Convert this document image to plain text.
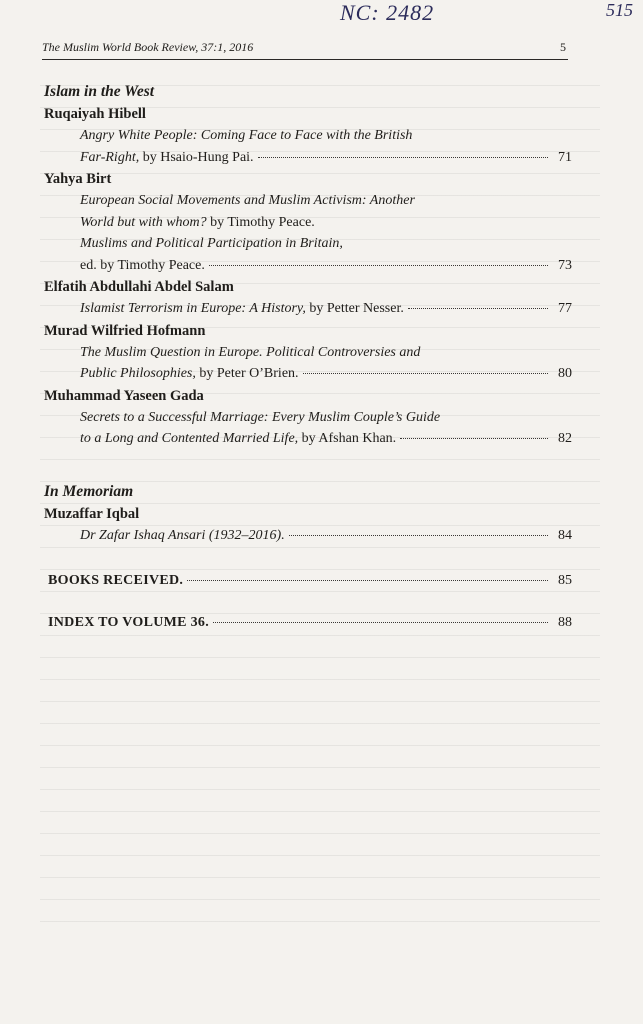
NC: 2482	515
The Muslim World Book Review, 37:1, 2016	5
Islam in the West
Ruqaiyah Hibell
Angry White People: Coming Face to Face with the British
Far-Right, by Hsaio-Hung Pai.	71
Yahya Birt
European Social Movements and Muslim Activism: Another
World but with whom? by Timothy Peace.
Muslims and Political Participation in Britain,
ed. by Timothy Peace.	73
Elfatih Abdullahi Abdel Salam
Islamist Terrorism in Europe: A History, by Petter Nesser.	77
Murad Wilfried Hofmann
The Muslim Question in Europe. Political Controversies and
Public Philosophies, by Peter O’Brien.	80
Muhammad Yaseen Gada
Secrets to a Successful Marriage: Every Muslim Couple’s Guide
to a Long and Contented Married Life, by Afshan Khan.	82
In Memoriam
Muzaffar Iqbal
Dr Zafar Ishaq Ansari (1932–2016).	84
BOOKS RECEIVED.	85
INDEX TO VOLUME 36.	88
